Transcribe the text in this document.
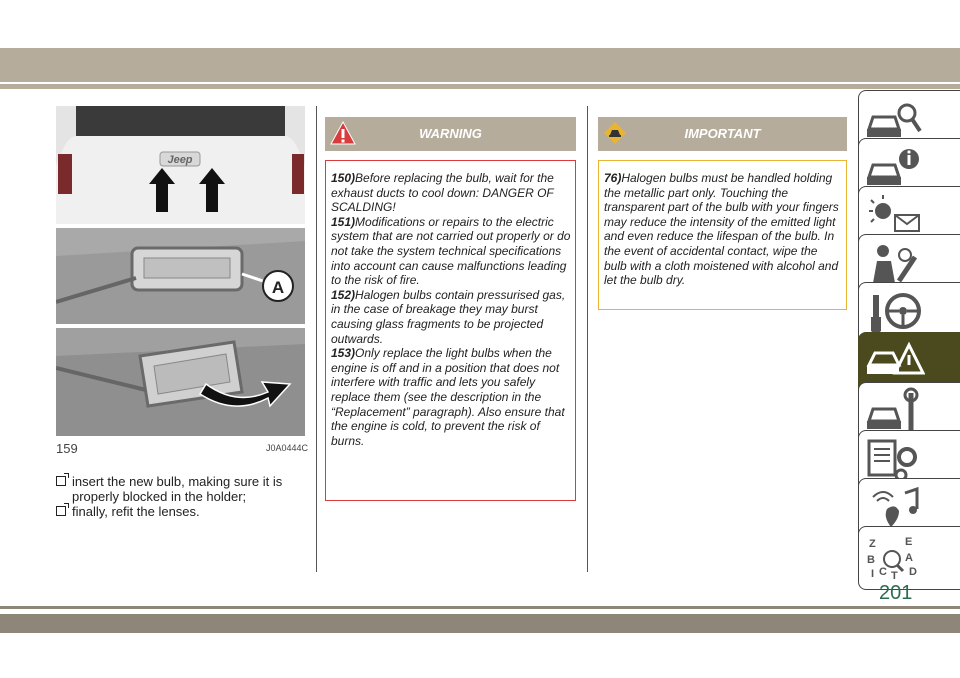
Jeep
A
159	J0A0444C

insert the new bulb, making sure it is properly blocked in the holder;

finally, refit the lenses.

WARNING

150)Before replacing the bulb, wait for the exhaust ducts to cool down: DANGER OF SCALDING!

151)Modifications or repairs to the electric system that are not carried out properly or do not take the system technical specifications into account can cause malfunctions leading to the risk of fire.

152)Halogen bulbs contain pressurised gas, in the case of breakage they may burst causing glass fragments to be projected outwards.

153)Only replace the light bulbs when the engine is off and in a position that does not interfere with traffic and lets you safely replace them (see the description in the “Replacement” paragraph). Also ensure that the engine is cold, to prevent the risk of burns.

IMPORTANT

76)Halogen bulbs must be handled holding the metallic part only. Touching the transparent part of the bulb with your fingers may reduce the intensity of the emitted light and even reduce the lifespan of the bulb. In the event of accidental contact, wipe the bulb with a cloth moistened with alcohol and let the bulb dry.

Z	E
B	A
I C T D
201
